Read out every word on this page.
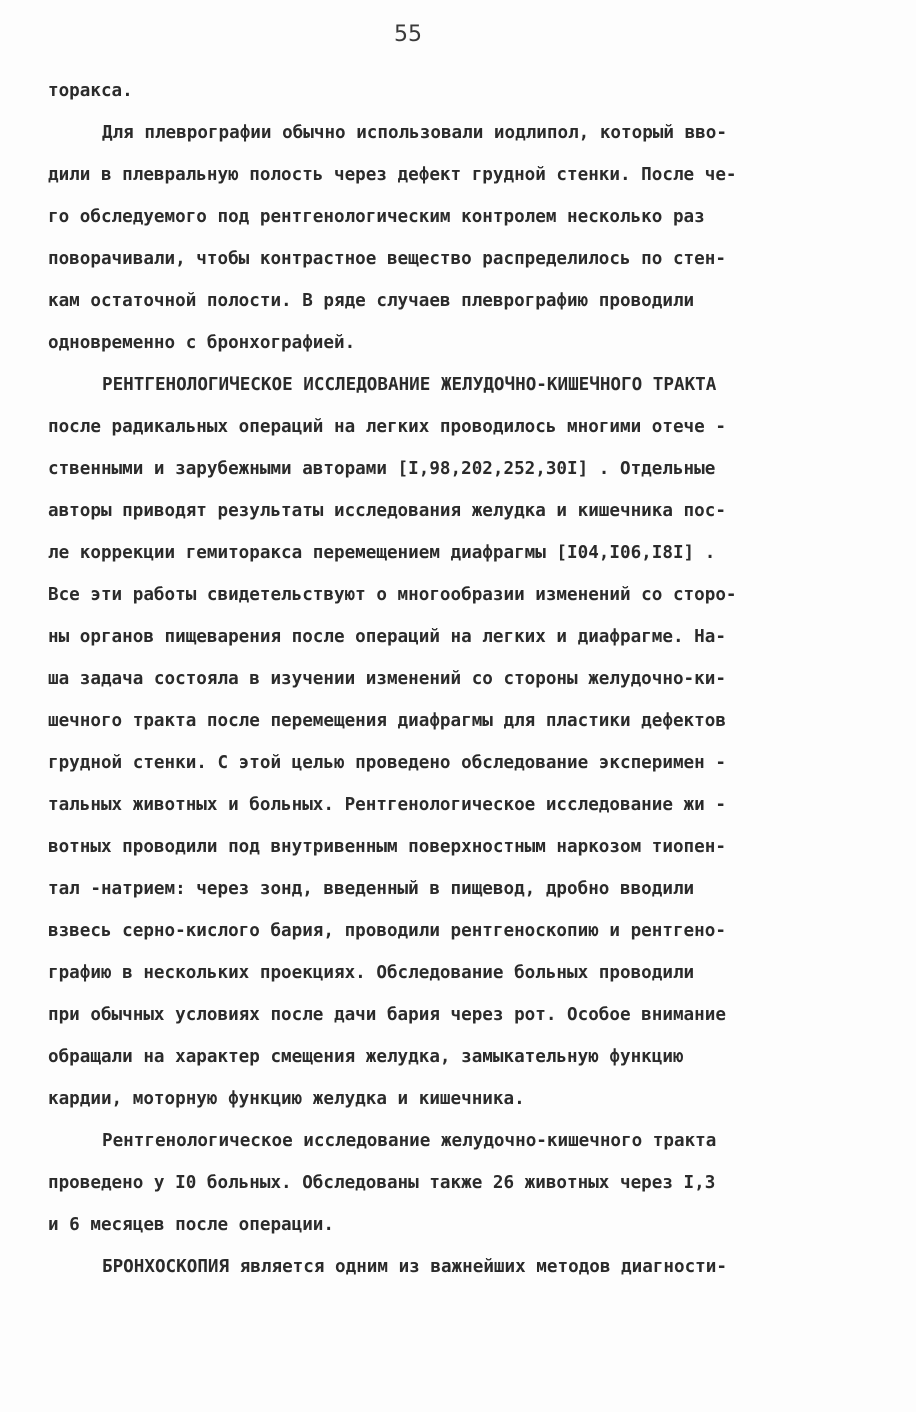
55
торакса.
Для плеврографии обычно использовали иодлипол, который вво-
дили в плевральную полость через дефект грудной стенки. После че-
го обследуемого под рентгенологическим контролем несколько раз
поворачивали, чтобы контрастное вещество распределилось по стен-
кам остаточной полости. В ряде случаев плеврографию проводили
одновременно с бронхографией.
РЕНТГЕНОЛОГИЧЕСКОЕ ИССЛЕДОВАНИЕ ЖЕЛУДОЧНО-КИШЕЧНОГО ТРАКТА
после радикальных операций на легких проводилось многими отече -
ственными и зарубежными авторами [I,98,202,252,30I] . Отдельные
авторы приводят результаты исследования желудка и кишечника пос-
ле коррекции гемиторакса перемещением диафрагмы [I04,I06,I8I] .
Все эти работы свидетельствуют о многообразии изменений со сторо-
ны органов пищеварения после операций на легких и диафрагме. На-
ша задача состояла в изучении изменений со стороны желудочно-ки-
шечного тракта после перемещения диафрагмы для пластики дефектов
грудной стенки. С этой целью проведено обследование эксперимен -
тальных животных и больных. Рентгенологическое исследование жи -
вотных проводили под внутривенным поверхностным наркозом тиопен-
тал -натрием: через зонд, введенный в пищевод, дробно вводили
взвесь серно-кислого бария, проводили рентгеноскопию и рентгено-
графию в нескольких проекциях. Обследование больных проводили
при обычных условиях после дачи бария через рот. Особое внимание
обращали на характер смещения желудка, замыкательную функцию
кардии, моторную функцию желудка и кишечника.
Рентгенологическое исследование желудочно-кишечного тракта
проведено у I0 больных. Обследованы также 26 животных через I,3
и 6 месяцев после операции.
БРОНХОСКОПИЯ является одним из важнейших методов диагности-
